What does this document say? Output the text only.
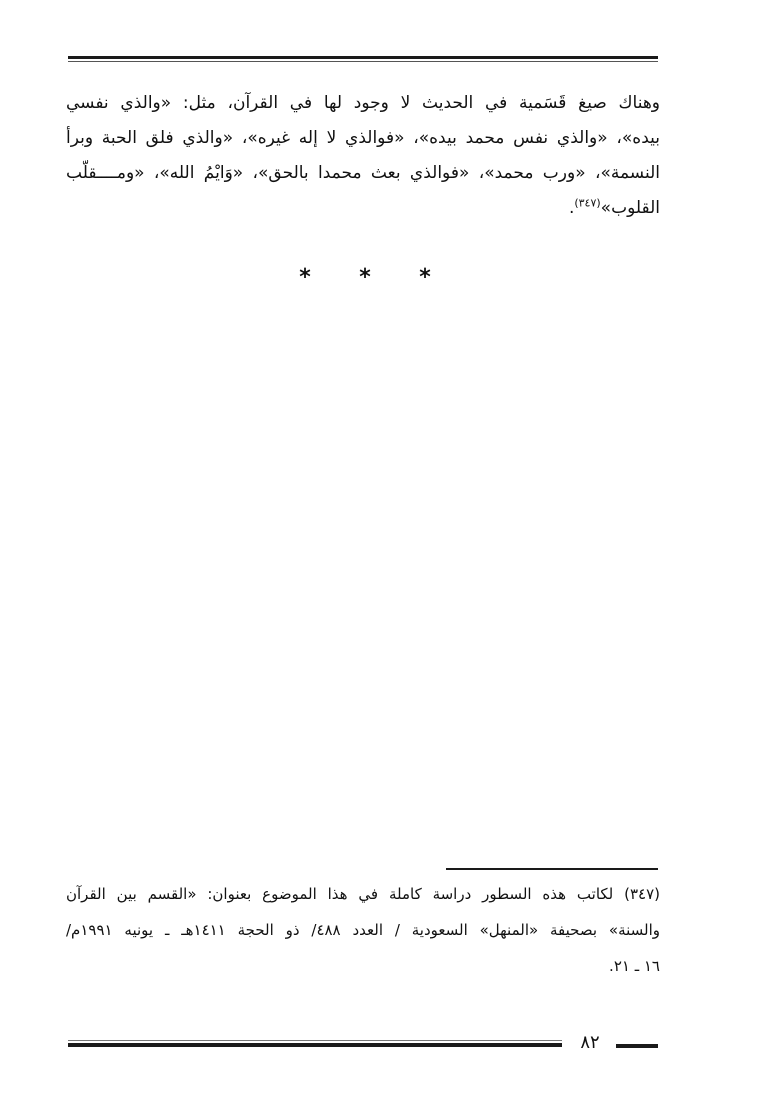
وهناك صيغ قَسَمية في الحديث لا وجود لها في القرآن، مثل: «والذي نفسي
بيده»، «والذي نفس محمد بيده»، «فوالذي لا إله غيره»، «والذي فلق الحبة وبرأ
النسمة»، «ورب محمد»، «فوالذي بعث محمدا بالحق»، «وَايْمُ الله»، «ومــــقلّب
القلوب»$^{(٣٤٧)}$.
*
*
*
(٣٤٧) لكاتب هذه السطور دراسة كاملة في هذا الموضوع بعنوان: «القسم بين القرآن
والسنة» بصحيفة «المنهل» السعودية / العدد ٤٨٨/ ذو الحجة ١٤١١هـ ـ يونيه ١٩٩١م/
١٦ ـ ٢١.
٨٢
